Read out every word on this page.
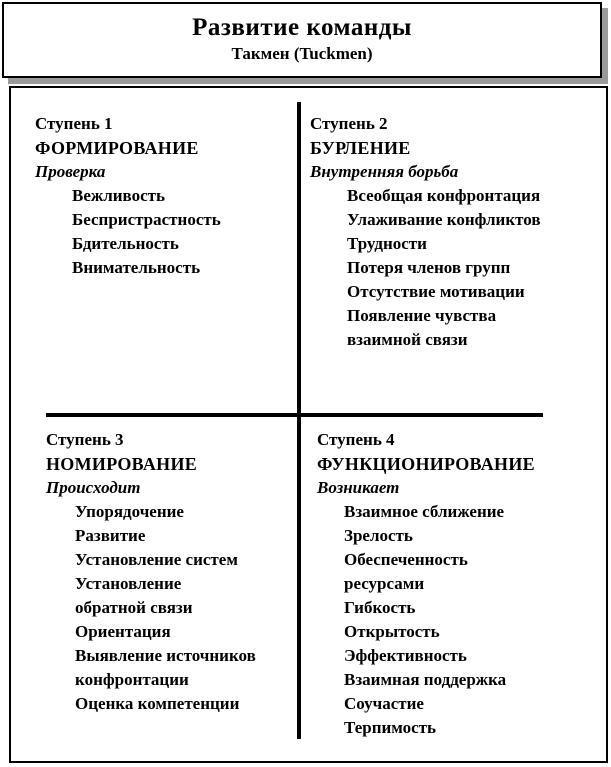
Развитие команды
Такмен (Tuckmen)
Ступень 1
ФОРМИРОВАНИЕ
Проверка
Вежливость
Беспристрастность
Бдительность
Внимательность
Ступень 2
БУРЛЕНИЕ
Внутренняя борьба
Всеобщая конфронтация
Улаживание конфликтов
Трудности
Потеря членов групп
Отсутствие мотивации
Появление чувства
взаимной связи
Ступень 3
НОМИРОВАНИЕ
Происходит
Упорядочение
Развитие
Установление систем
Установление
обратной связи
Ориентация
Выявление источников
конфронтации
Оценка компетенции
Ступень 4
ФУНКЦИОНИРОВАНИЕ
Возникает
Взаимное сближение
Зрелость
Обеспеченность
ресурсами
Гибкость
Открытость
Эффективность
Взаимная поддержка
Соучастие
Терпимость
